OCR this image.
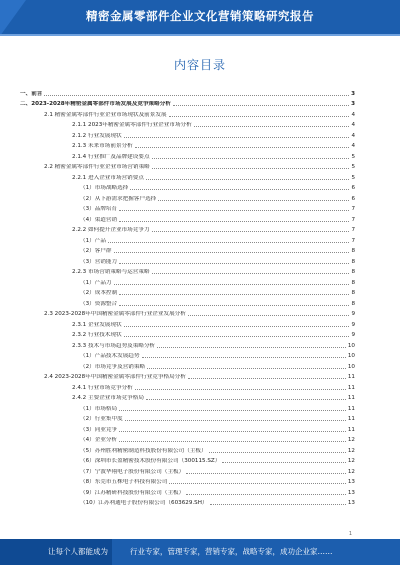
精密金属零部件企业文化营销策略研究报告
内容目录
一、前言	3
二、2023-2028年精密金属零部件市场发展及竞争策略分析	3
2.1 精密金属零部件行业企业市场现状及前景发展	4
2.1.1 2023年精密金属零部件行业企业市场分析	4
2.1.2 行业发展现状	4
2.1.3 未来市场前景分析	4
2.1.4 行业推广及品牌建设要点	5
2.2 精密金属零部件行业企业市场营销策略	5
2.2.1 进入企业市场营销要点	5
（1）市场战略选择	6
（2）从下游需求把握客户选择	6
（3）品牌培育	7
（4）渠道营销	7
2.2.2 如何提升企业市场竞争力	7
（1）产品	7
（2）客户群	8
（3）营销能力	8
2.2.3 市场营销策略与运营策略	8
（1）产品力	8
（2）成本控制	8
（3）资源整合	8
2.3 2023-2028年中国精密金属零部件行业企业发展分析	9
2.3.1 企业发展现状	9
2.3.2 行业技术现状	9
2.3.3 技术与市场趋势及策略分析	10
（1）产品技术发展趋势	10
（2）市场竞争及营销策略	10
2.4 2023-2028年中国精密金属零部件行业竞争格局分析	11
2.4.1 行业市场竞争分析	11
2.4.2 主要企业市场竞争格局	11
（1）市场格局	11
（2）行业集中度	11
（3）同业竞争	11
（4）企业分析	12
（5）苏州胜利精密制造科技股份有限公司（主板）	12
（6）深圳市长盈精密技术股份有限公司（300115.SZ）	12
（7）宁波华翔电子股份有限公司（主板）	12
（8）东莞市五株电子科技有限公司	13
（9）江苏精研科技股份有限公司（主板）	13
（10）江苏利通电子股份有限公司（603629.SH）	13
1
让每个人都能成为	行业专家，管理专家，营销专家，战略专家，成功企业家……
